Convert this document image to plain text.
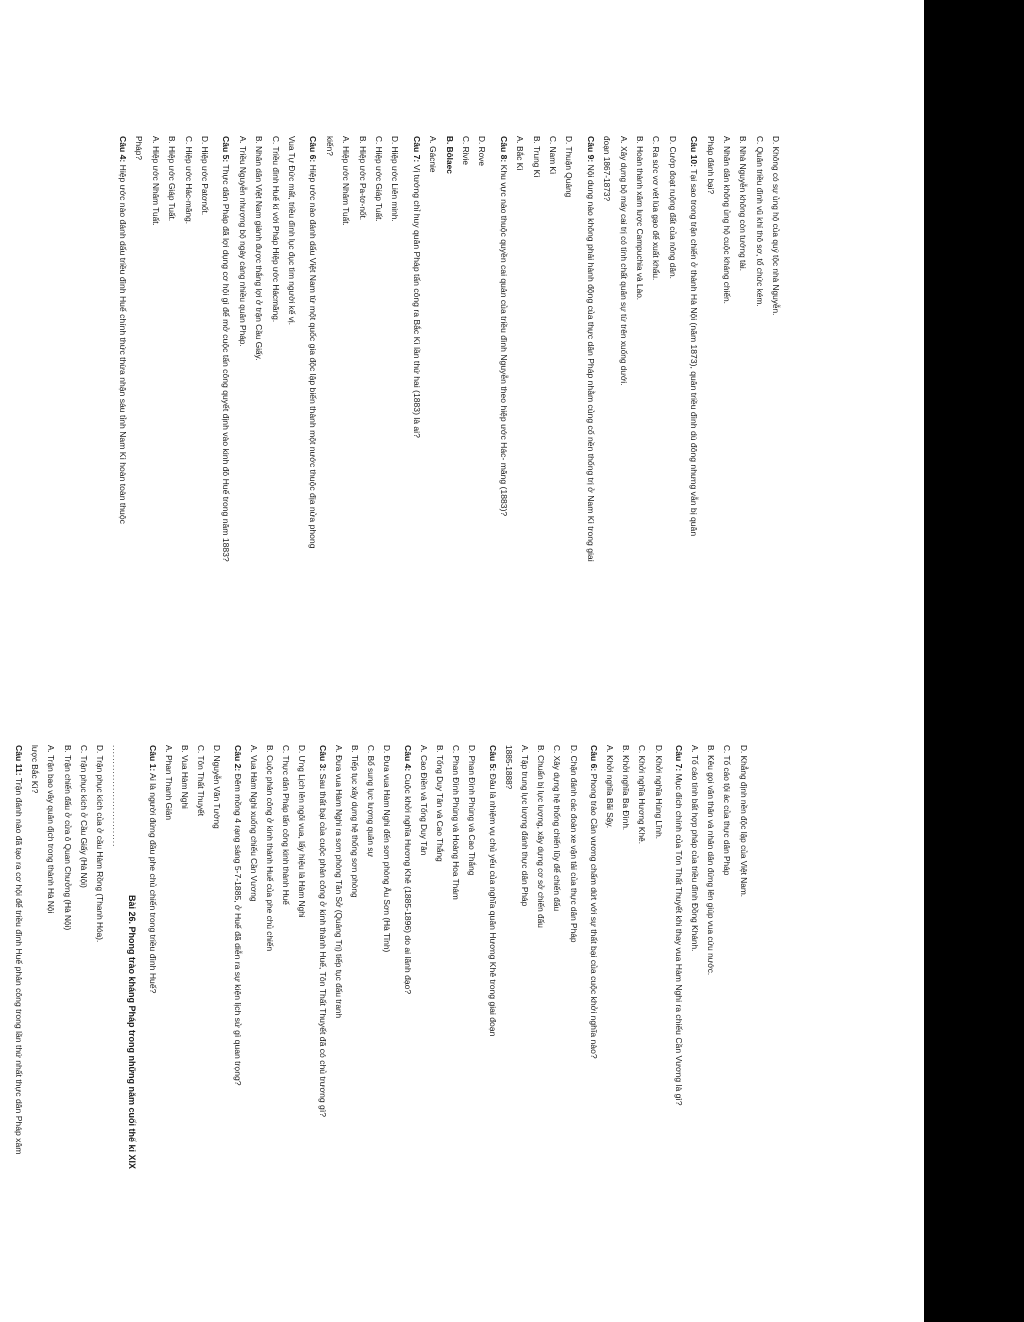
Câu 4: Hiệp ước nào đánh dấu triều đình Huế chính thức thừa nhận sáu tỉnh Nam Kì hoàn toàn thuộc
Pháp? A. Hiệp ước Nhâm Tuất. B. Hiệp ước Giáp Tuất. C. Hiệp ước Hác-măng. D. Hiệp ước Patơnốt. Câu 5: Thực dân Pháp đã lợi dụng cơ hội gì để mở cuộc tấn công quyết định vào kinh đô Huế trong năm 1883? A. Triều Nguyễn nhượng bộ ngày càng nhiều quân Pháp. B. Nhân dân Việt Nam giành được thắng lợi ở trận Cầu Giấy. C. Triều đình Huế kí với Pháp Hiệp ước Hácmăng. Vua Tự Đức mất, triều đình lục đục tìm người kế vị. Câu 6: Hiệp ước nào đánh dấu Việt Nam từ một quốc gia độc lập biến thành một nước thuộc địa nửa phong
kiến? A. Hiệp ước Nhâm Tuất. B. Hiệp ước Pa-tơ-nốt. C. Hiệp ước Giáp Tuất. D. Hiệp ước Liên minh. Câu 7: Vị tướng chỉ huy quân Pháp tấn công ra Bắc Kì lần thứ hai (1883) là ai?
A. Gácnie B. Bôlaec C. Rivie D. Rove Câu 8: Khu vực nào thuộc quyền cai quản của triều đình Nguyễn theo hiệp ước Hác- măng (1883)?
A. Bắc Kì B. Trung Kì C. Nam Kì D. Thuận Quảng Câu 9: Nội dung nào không phải hành động của thực dân Pháp nhằm củng cố nền thống trị ở Nam Kì trong giai đoạn 1867-1873? A. Xây dựng bộ máy cai trị có tính chất quân sự từ trên xuống dưới. B. Hoàn thành xâm lược Campuchia và Lào. C. Ra sức vơ vét lúa gạo để xuất khẩu. D. Cướp đoạt ruộng đất của nông dân. Câu 10: Tại sao trong trận chiến ở thành Hà Nội (năm 1873), quân triều đình dù đông nhưng vẫn bị quân
Pháp đánh bại? A. Nhân dân không ủng hộ cuộc kháng chiến. B. Nhà Nguyễn không còn tướng tài. C. Quân triều đình vũ khí thô sơ, tổ chức kém. D. Không có sự ủng hộ của quý tộc nhà Nguyễn.
Câu 11: Trận đánh nào đã tạo ra cơ hội để triều đình Huế phản công trong lần thứ nhất thực dân Pháp xâm
lược Bắc Kì? A. Trận bao vây quân địch trong thành Hà Nội B. Trận chiến đấu ở cửa ô Quan Chưởng (Hà Nội) C. Trận phục kích ở Cầu Giấy (Hà Nội) D. Trận phục kích của ở cầu Hàm Rồng (Thanh Hóa). ...............................
Bài 26. Phong trào kháng Pháp trong những năm cuối thế kỉ XIX
Câu 1: Ai là người đứng đầu phe chủ chiến trong triều đình Huế? A. Phan Thanh Giản B. Vua Hàm Nghi C. Tôn Thất Thuyết D. Nguyễn Văn Tường Câu 2: Đêm mồng 4 rạng sáng 5-7-1885, ở Huế đã diễn ra sự kiện lịch sử gì quan trọng? A. Vua Hàm Nghi xuống chiếu Cần Vương B. Cuộc phản công ở kinh thành Huế của phe chủ chiến C. Thực dân Pháp tấn công kinh thành Huế D. Ưng Lịch lên ngôi vua, lấy hiệu là Hàm Nghi Câu 3: Sau thất bại của cuộc phản công ở kinh thành Huế, Tôn Thất Thuyết đã có chủ trương gì? A. Đưa vua Hàm Nghi ra sơn phòng Tân Sở (Quảng Trị) tiếp tục đấu tranh B. Tiếp tục xây dựng hệ thống sơn phòng C. Bổ sung lực lượng quân sự D. Đưa vua Hàm Nghi đến sơn phòng Âu Sơn (Hà Tĩnh) Câu 4: Cuộc khởi nghĩa Hương Khê (1885-1896) do ai lãnh đạo? A. Cao Điền và Tống Duy Tân B. Tống Duy Tân và Cao Thắng C. Phan Đình Phùng và Hoàng Hoa Thám D. Phan Đình Phùng và Cao Thắng Câu 5: Đâu là nhiệm vụ chủ yếu của nghĩa quân Hương Khê trong giai đoạn
1885-1888? A. Tập trung lực lượng đánh thực dân Pháp B. Chuẩn bị lực lượng, xây dựng cơ sở chiến đấu C. Xây dựng hệ thống chiến lũy để chiến đấu D. Chặn đánh các đoàn xe vận tải của thực dân Pháp Câu 6: Phong trào Cần vương chấm dứt với sự thất bại của cuộc khởi nghĩa nào? A. Khởi nghĩa Bãi Sậy. B. Khởi nghĩa Ba Đình. C. Khởi nghĩa Hương Khê. D. Khởi nghĩa Hùng Lĩnh. Câu 7: Mục đích chính của Tôn Thất Thuyết khi thay vua Hàm Nghi ra chiếu Cần Vương là gì? A. Tố cáo tính bất hợp pháp của triều đình Đồng Khánh. B. Kêu gọi văn thân và nhân dân đứng lên giúp vua cứu nước. C. Tố cáo tội ác của thực dân Pháp D. Khẳng định nền độc lập của Việt Nam.
